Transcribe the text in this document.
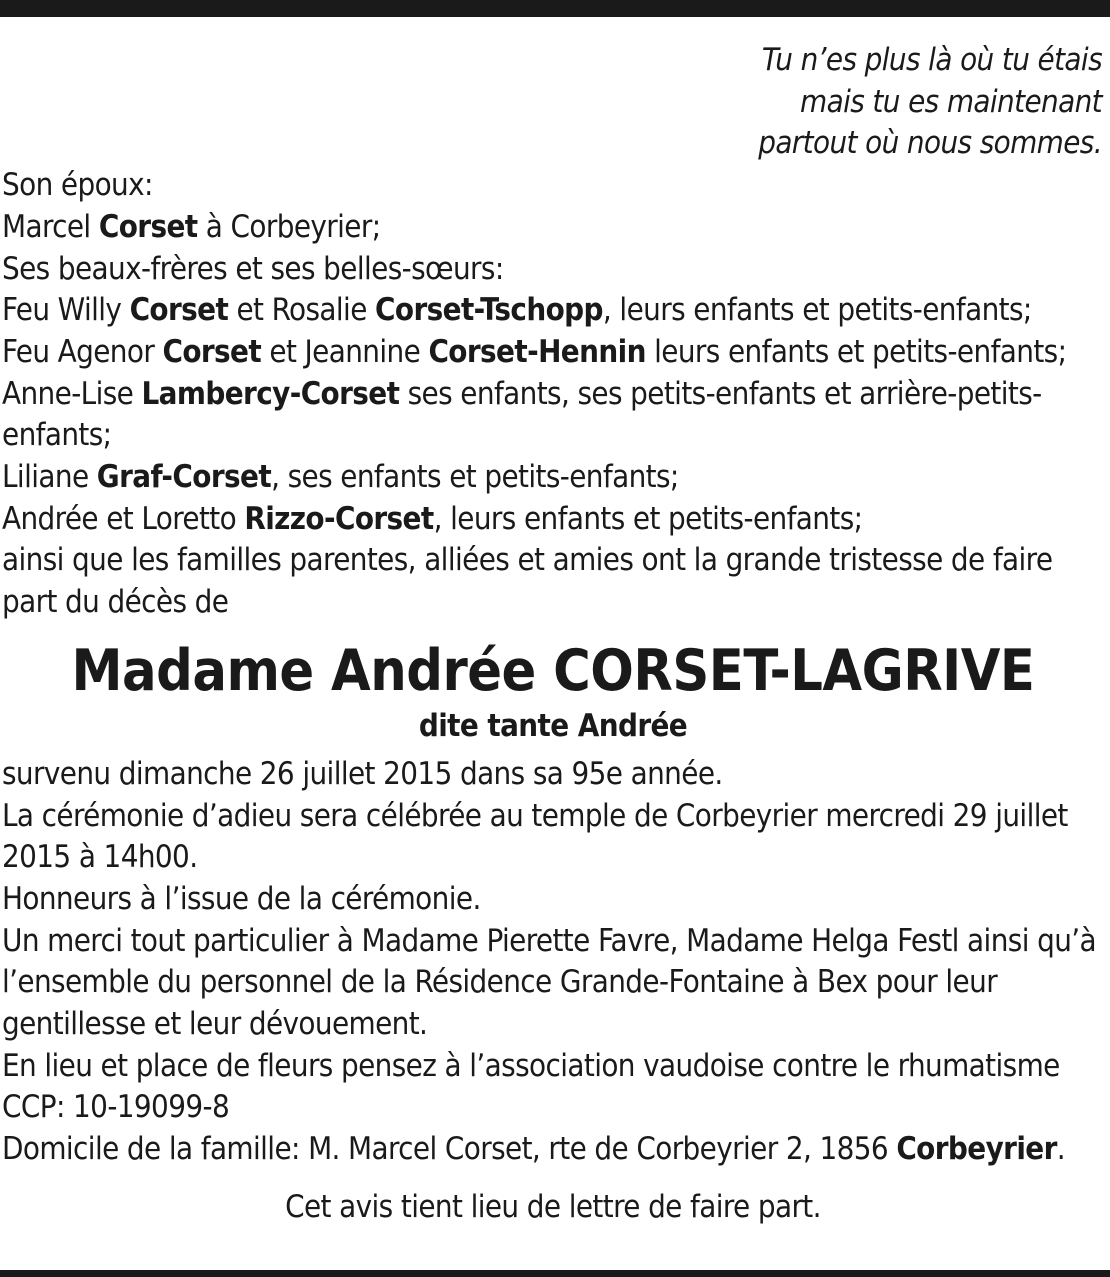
Tu n’es plus là où tu étais
mais tu es maintenant
partout où nous sommes.
Son époux:
Marcel Corset à Corbeyrier;
Ses beaux-frères et ses belles-sœurs:
Feu Willy Corset et Rosalie Corset-Tschopp, leurs enfants et petits-enfants;
Feu Agenor Corset et Jeannine Corset-Hennin leurs enfants et petits-enfants;
Anne-Lise Lambercy-Corset ses enfants, ses petits-enfants et arrière-petits-enfants;
Liliane Graf-Corset, ses enfants et petits-enfants;
Andrée et Loretto Rizzo-Corset, leurs enfants et petits-enfants;
ainsi que les familles parentes, alliées et amies ont la grande tristesse de faire part du décès de
Madame Andrée CORSET-LAGRIVE
dite tante Andrée
survenu dimanche 26 juillet 2015 dans sa 95e année.
La cérémonie d’adieu sera célébrée au temple de Corbeyrier mercredi 29 juillet 2015 à 14h00.
Honneurs à l’issue de la cérémonie.
Un merci tout particulier à Madame Pierette Favre, Madame Helga Festl ainsi qu’à l’ensemble du personnel de la Résidence Grande-Fontaine à Bex pour leur gentillesse et leur dévouement.
En lieu et place de fleurs pensez à l’association vaudoise contre le rhumatisme
CCP: 10-19099-8
Domicile de la famille: M. Marcel Corset, rte de Corbeyrier 2, 1856 Corbeyrier.
Cet avis tient lieu de lettre de faire part.
